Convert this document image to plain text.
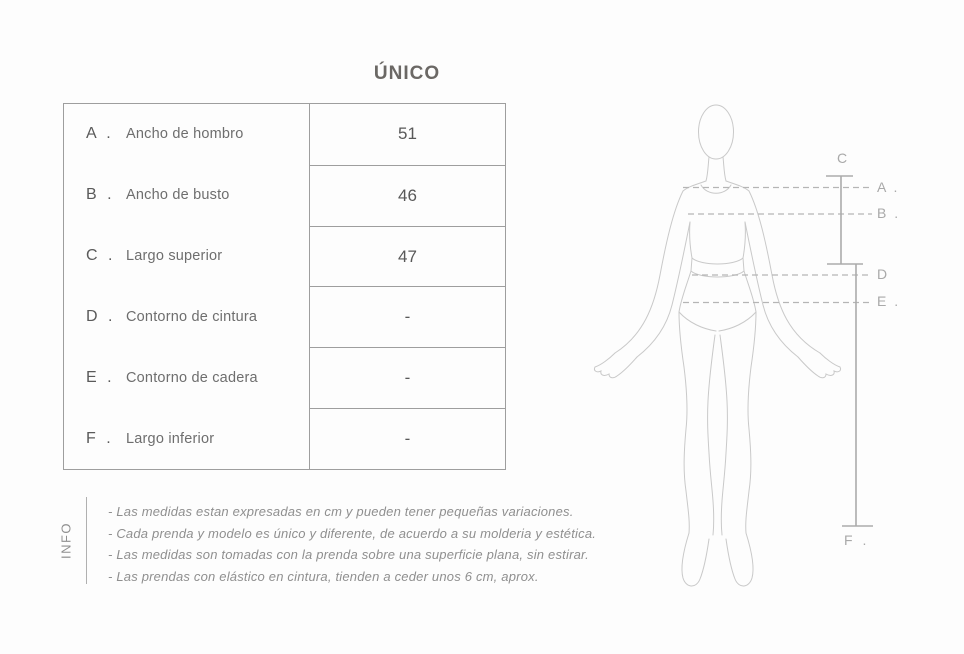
ÚNICO
A . Ancho de hombro	51
B . Ancho de busto	46
C . Largo superior	47
D . Contorno de cintura	-
E . Contorno de cadera	-
F . Largo inferior	-
INFO
- Las medidas estan expresadas en cm y pueden tener pequeñas variaciones.
- Cada prenda y modelo es único y diferente, de acuerdo a su molderia y estética.
- Las medidas son tomadas con la prenda sobre una superficie plana, sin estirar.
- Las prendas con elástico en cintura, tienden a ceder unos 6 cm, aprox.
C
A .
B .
D
E .
F .
